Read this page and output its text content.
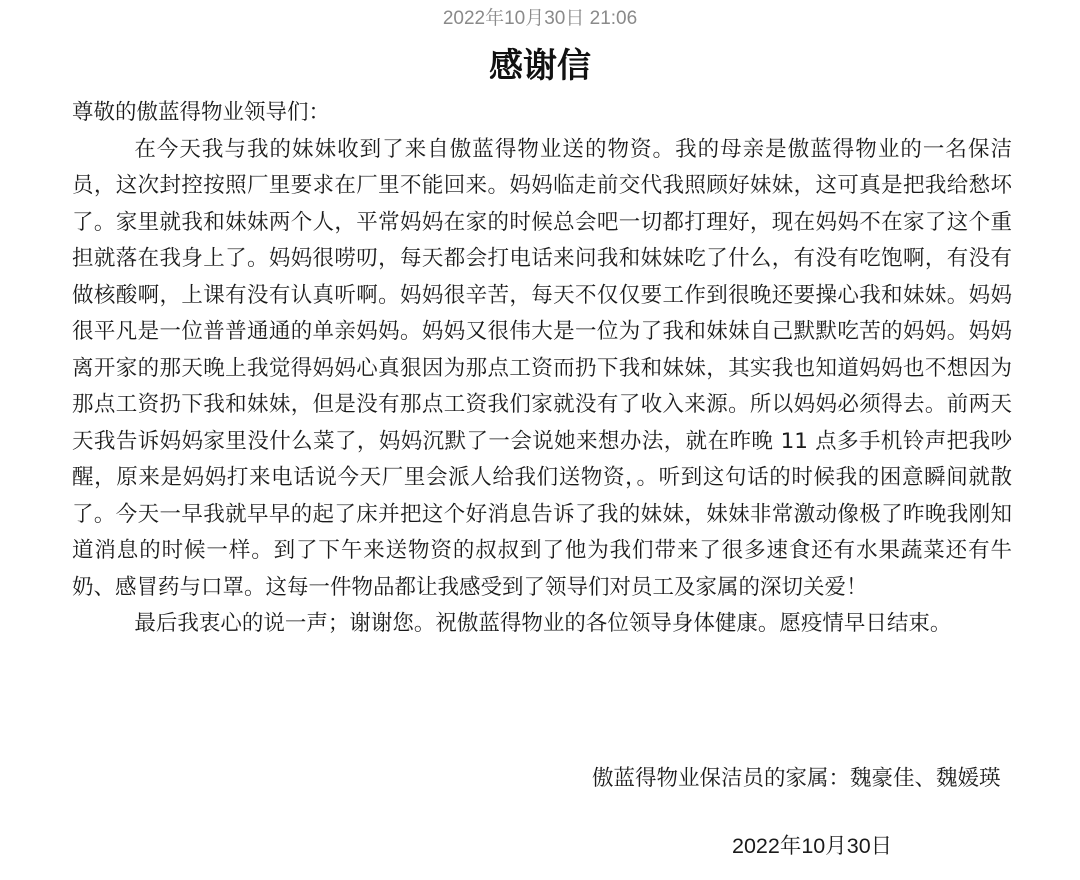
2022年10月30日 21:06
感谢信

尊敬的傲蓝得物业领导们：

在今天我与我的妹妹收到了来自傲蓝得物业送的物资。我的母亲是傲蓝得物业的一名保洁员，这次封控按照厂里要求在厂里不能回来。妈妈临走前交代我照顾好妹妹，这可真是把我给愁坏了。家里就我和妹妹两个人，平常妈妈在家的时候总会吧一切都打理好，现在妈妈不在家了这个重担就落在我身上了。妈妈很唠叨，每天都会打电话来问我和妹妹吃了什么，有没有吃饱啊，有没有做核酸啊，上课有没有认真听啊。妈妈很辛苦，每天不仅仅要工作到很晚还要操心我和妹妹。妈妈很平凡是一位普普通通的单亲妈妈。妈妈又很伟大是一位为了我和妹妹自己默默吃苦的妈妈。妈妈离开家的那天晚上我觉得妈妈心真狠因为那点工资而扔下我和妹妹，其实我也知道妈妈也不想因为那点工资扔下我和妹妹，但是没有那点工资我们家就没有了收入来源。所以妈妈必须得去。前两天天我告诉妈妈家里没什么菜了，妈妈沉默了一会说她来想办法，就在昨晚 11 点多手机铃声把我吵醒，原来是妈妈打来电话说今天厂里会派人给我们送物资，。听到这句话的时候我的困意瞬间就散了。今天一早我就早早的起了床并把这个好消息告诉了我的妹妹，妹妹非常激动像极了昨晚我刚知道消息的时候一样。到了下午来送物资的叔叔到了他为我们带来了很多速食还有水果蔬菜还有牛奶、感冒药与口罩。这每一件物品都让我感受到了领导们对员工及家属的深切关爱！

最后我衷心的说一声；谢谢您。祝傲蓝得物业的各位领导身体健康。愿疫情早日结束。

傲蓝得物业保洁员的家属：魏豪佳、魏媛瑛
2022年10月30日
